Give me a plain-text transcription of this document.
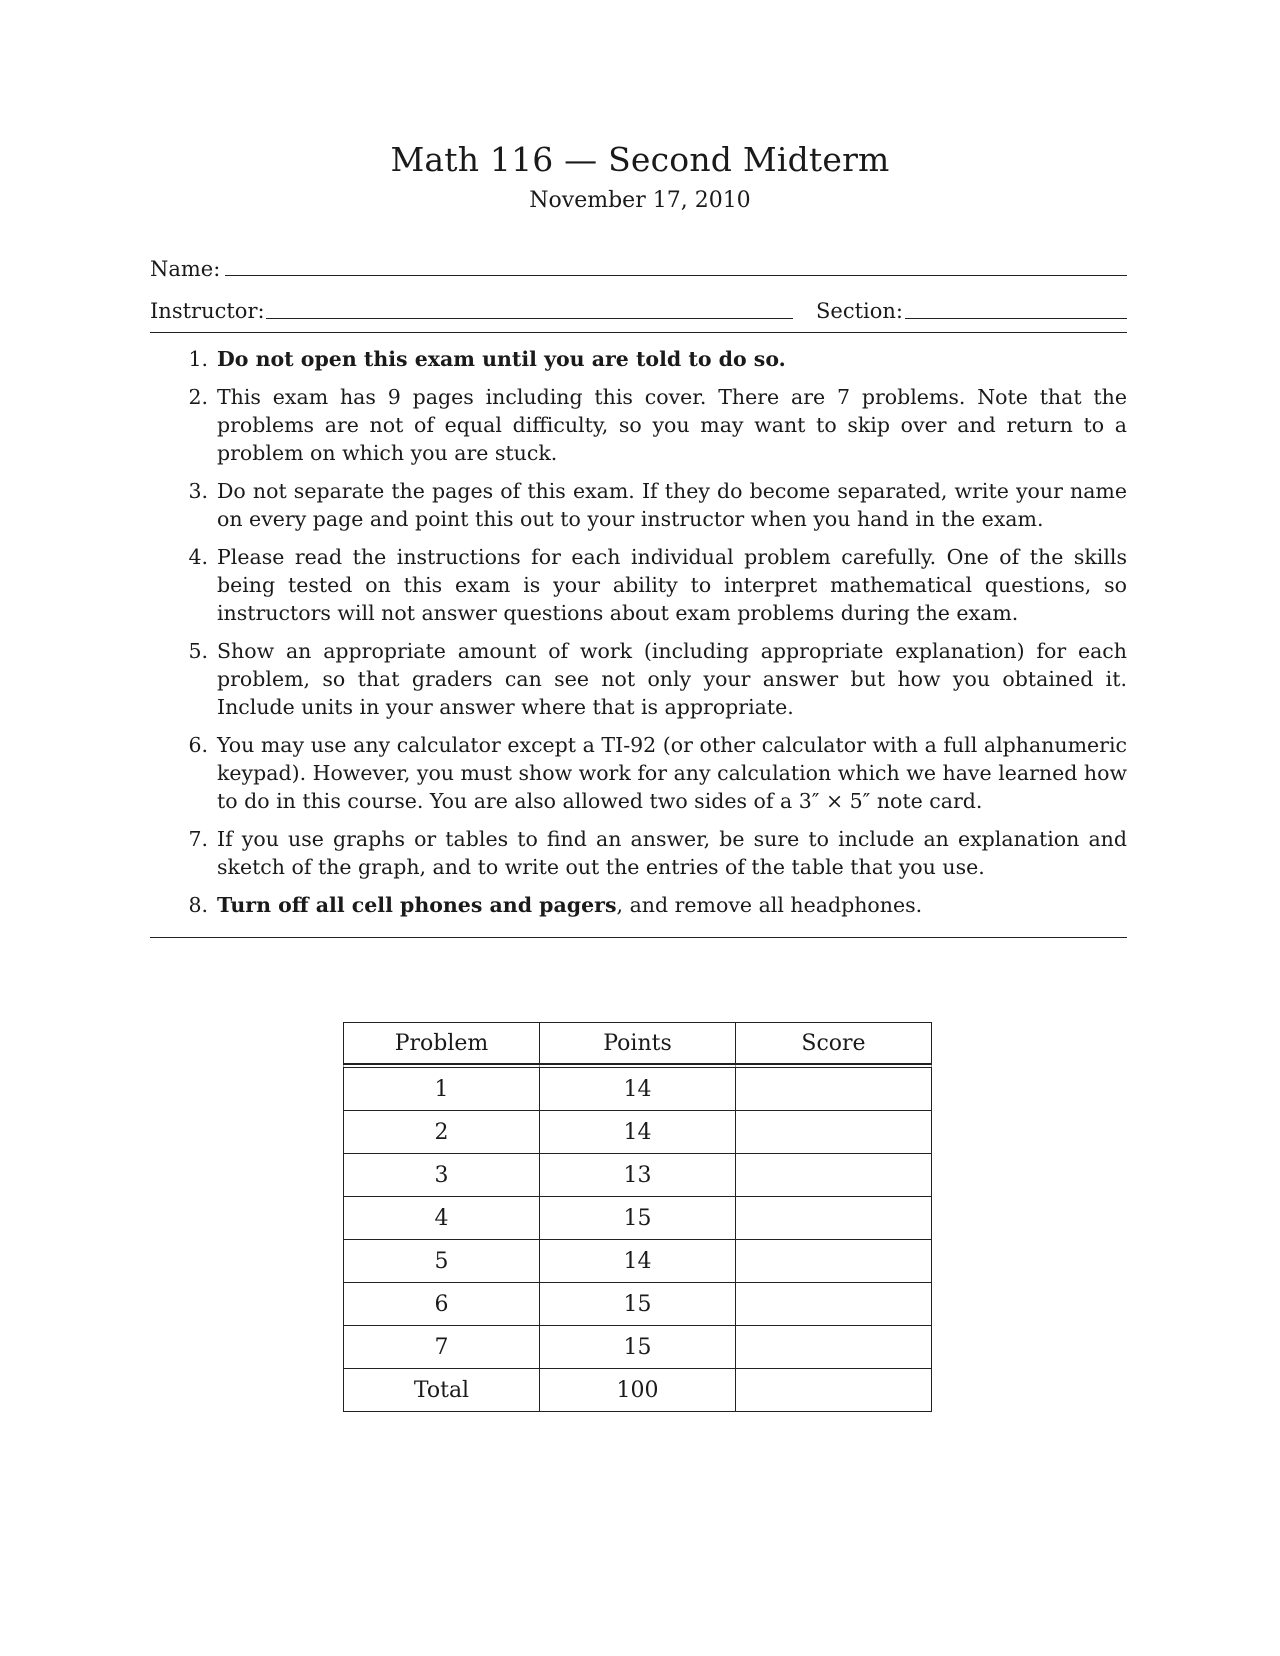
Math 116 — Second Midterm
November 17, 2010
Name:
Instructor:	Section:
1. Do not open this exam until you are told to do so.
2. This exam has 9 pages including this cover. There are 7 problems. Note that the problems are not of equal difficulty, so you may want to skip over and return to a problem on which you are stuck.
3. Do not separate the pages of this exam. If they do become separated, write your name on every page and point this out to your instructor when you hand in the exam.
4. Please read the instructions for each individual problem carefully. One of the skills being tested on this exam is your ability to interpret mathematical questions, so instructors will not answer questions about exam problems during the exam.
5. Show an appropriate amount of work (including appropriate explanation) for each problem, so that graders can see not only your answer but how you obtained it. Include units in your answer where that is appropriate.
6. You may use any calculator except a TI-92 (or other calculator with a full alphanumeric keypad). However, you must show work for any calculation which we have learned how to do in this course. You are also allowed two sides of a 3″ × 5″ note card.
7. If you use graphs or tables to find an answer, be sure to include an explanation and sketch of the graph, and to write out the entries of the table that you use.
8. Turn off all cell phones and pagers, and remove all headphones.
Problem	Points	Score
1	14	
2	14	
3	13	
4	15	
5	14	
6	15	
7	15	
Total	100	
